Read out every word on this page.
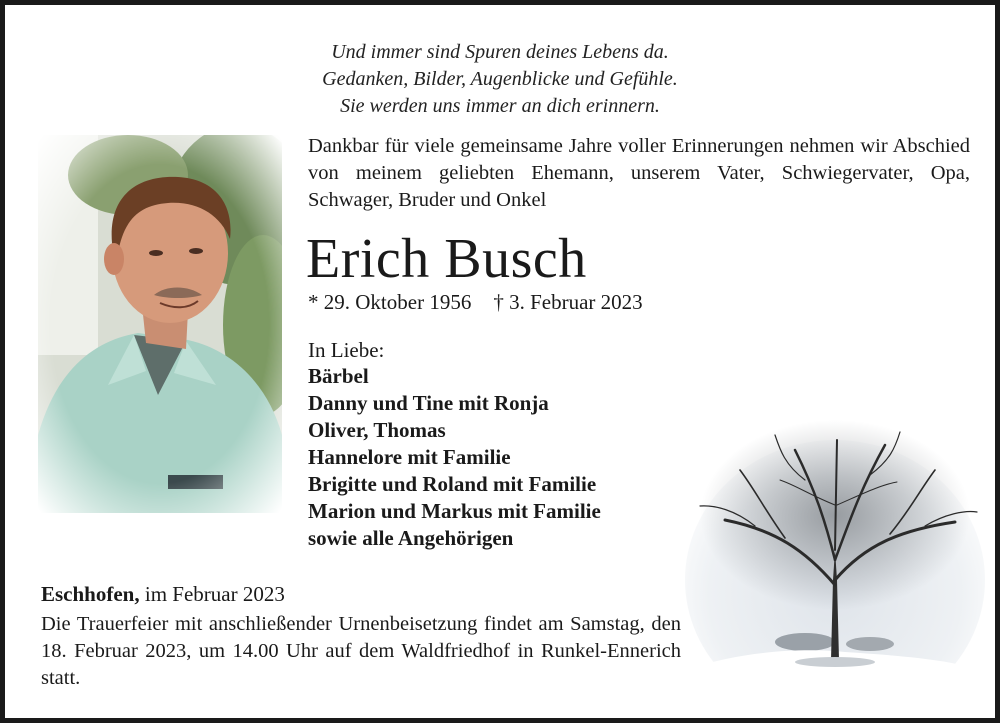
Und immer sind Spuren deines Lebens da.
Gedanken, Bilder, Augenblicke und Gefühle.
Sie werden uns immer an dich erinnern.
Dankbar für viele gemeinsame Jahre voller Erinnerungen nehmen wir Abschied von meinem geliebten Ehemann, unserem Vater, Schwiegervater, Opa, Schwager, Bruder und Onkel
Erich Busch
* 29. Oktober 1956 † 3. Februar 2023
In Liebe:
Bärbel
Danny und Tine mit Ronja
Oliver, Thomas
Hannelore mit Familie
Brigitte und Roland mit Familie
Marion und Markus mit Familie
sowie alle Angehörigen
Eschhofen, im Februar 2023
Die Trauerfeier mit anschließender Urnenbeisetzung findet am Samstag, den 18. Februar 2023, um 14.00 Uhr auf dem Waldfriedhof in Runkel-Ennerich statt.
